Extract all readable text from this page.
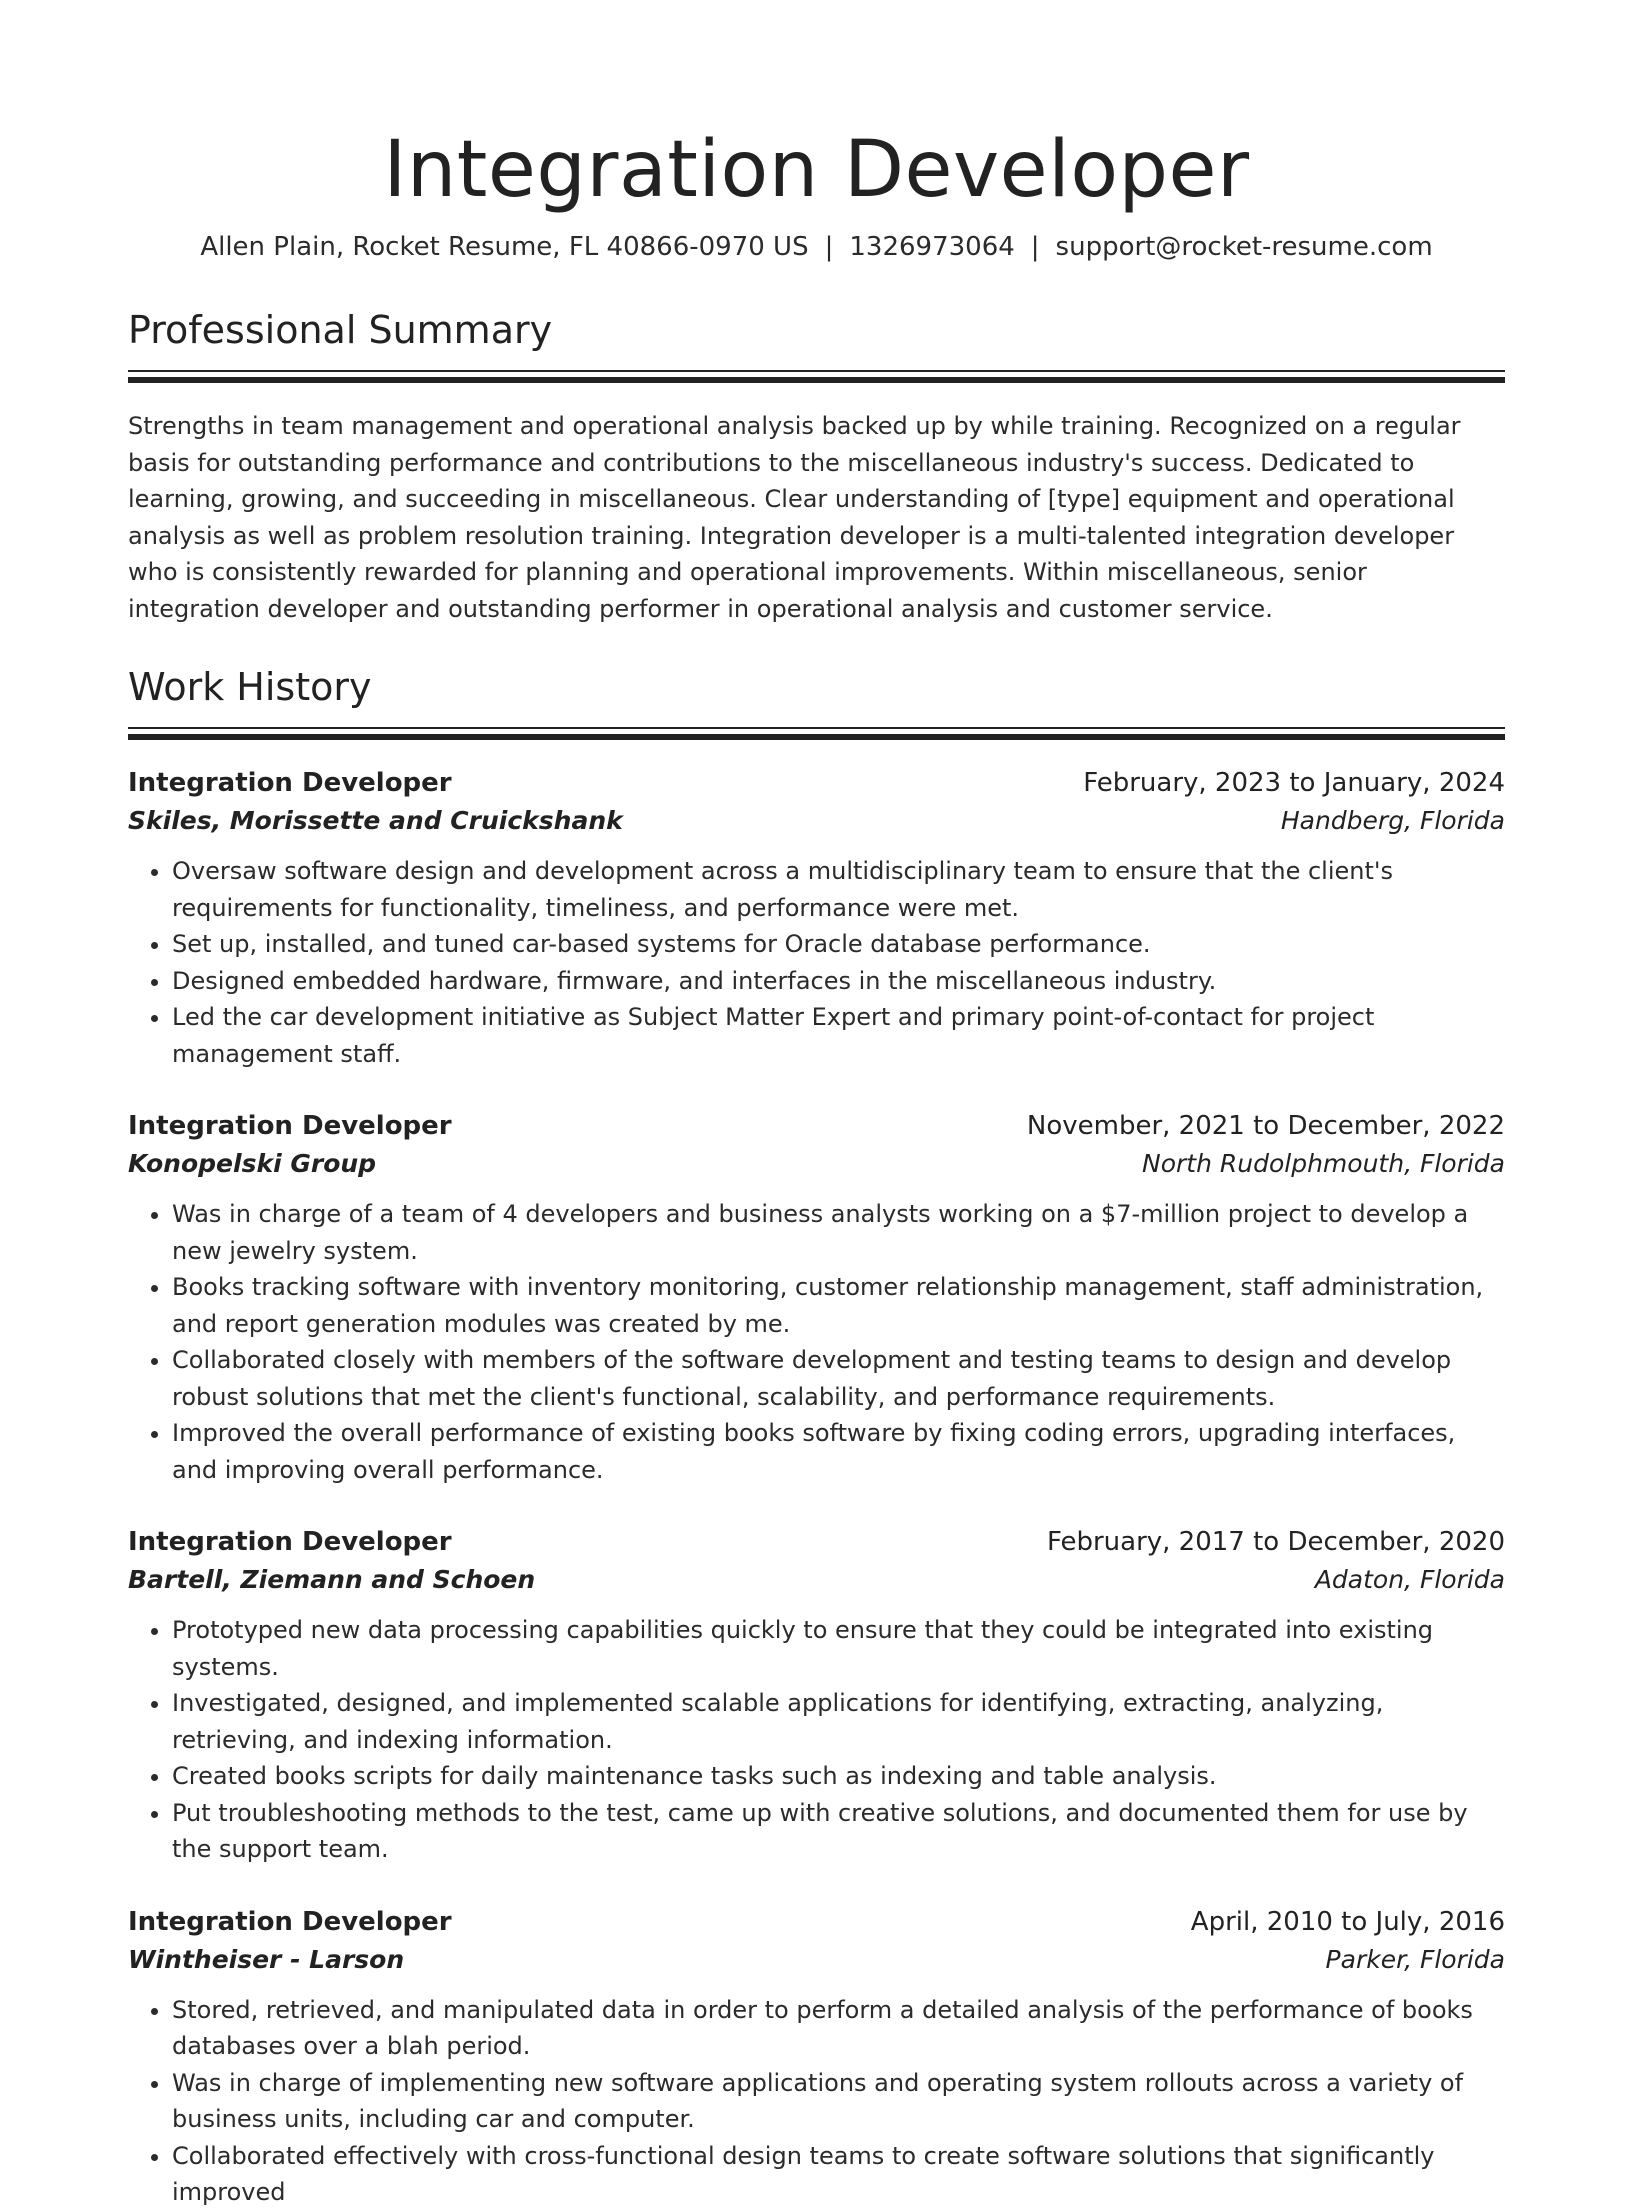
Integration Developer
Allen Plain, Rocket Resume, FL 40866-0970 US | 1326973064 | support@rocket-resume.com
Professional Summary

Strengths in team management and operational analysis backed up by while training. Recognized on a regular basis for outstanding performance and contributions to the miscellaneous industry's success. Dedicated to learning, growing, and succeeding in miscellaneous. Clear understanding of [type] equipment and operational analysis as well as problem resolution training. Integration developer is a multi-talented integration developer who is consistently rewarded for planning and operational improvements. Within miscellaneous, senior integration developer and outstanding performer in operational analysis and customer service.

Work History
Integration Developer	February, 2023 to January, 2024
Skiles, Morissette and Cruickshank	Handberg, Florida
• Oversaw software design and development across a multidisciplinary team to ensure that the client's requirements for functionality, timeliness, and performance were met.
• Set up, installed, and tuned car-based systems for Oracle database performance.
• Designed embedded hardware, firmware, and interfaces in the miscellaneous industry.
• Led the car development initiative as Subject Matter Expert and primary point-of-contact for project management staff.
Integration Developer	November, 2021 to December, 2022
Konopelski Group	North Rudolphmouth, Florida
• Was in charge of a team of 4 developers and business analysts working on a $7-million project to develop a new jewelry system.
• Books tracking software with inventory monitoring, customer relationship management, staff administration, and report generation modules was created by me.
• Collaborated closely with members of the software development and testing teams to design and develop robust solutions that met the client's functional, scalability, and performance requirements.
• Improved the overall performance of existing books software by fixing coding errors, upgrading interfaces, and improving overall performance.
Integration Developer	February, 2017 to December, 2020
Bartell, Ziemann and Schoen	Adaton, Florida
• Prototyped new data processing capabilities quickly to ensure that they could be integrated into existing systems.
• Investigated, designed, and implemented scalable applications for identifying, extracting, analyzing, retrieving, and indexing information.
• Created books scripts for daily maintenance tasks such as indexing and table analysis.
• Put troubleshooting methods to the test, came up with creative solutions, and documented them for use by the support team.
Integration Developer	April, 2010 to July, 2016
Wintheiser - Larson	Parker, Florida
• Stored, retrieved, and manipulated data in order to perform a detailed analysis of the performance of books databases over a blah period.
• Was in charge of implementing new software applications and operating system rollouts across a variety of business units, including car and computer.
• Collaborated effectively with cross-functional design teams to create software solutions that significantly improved
